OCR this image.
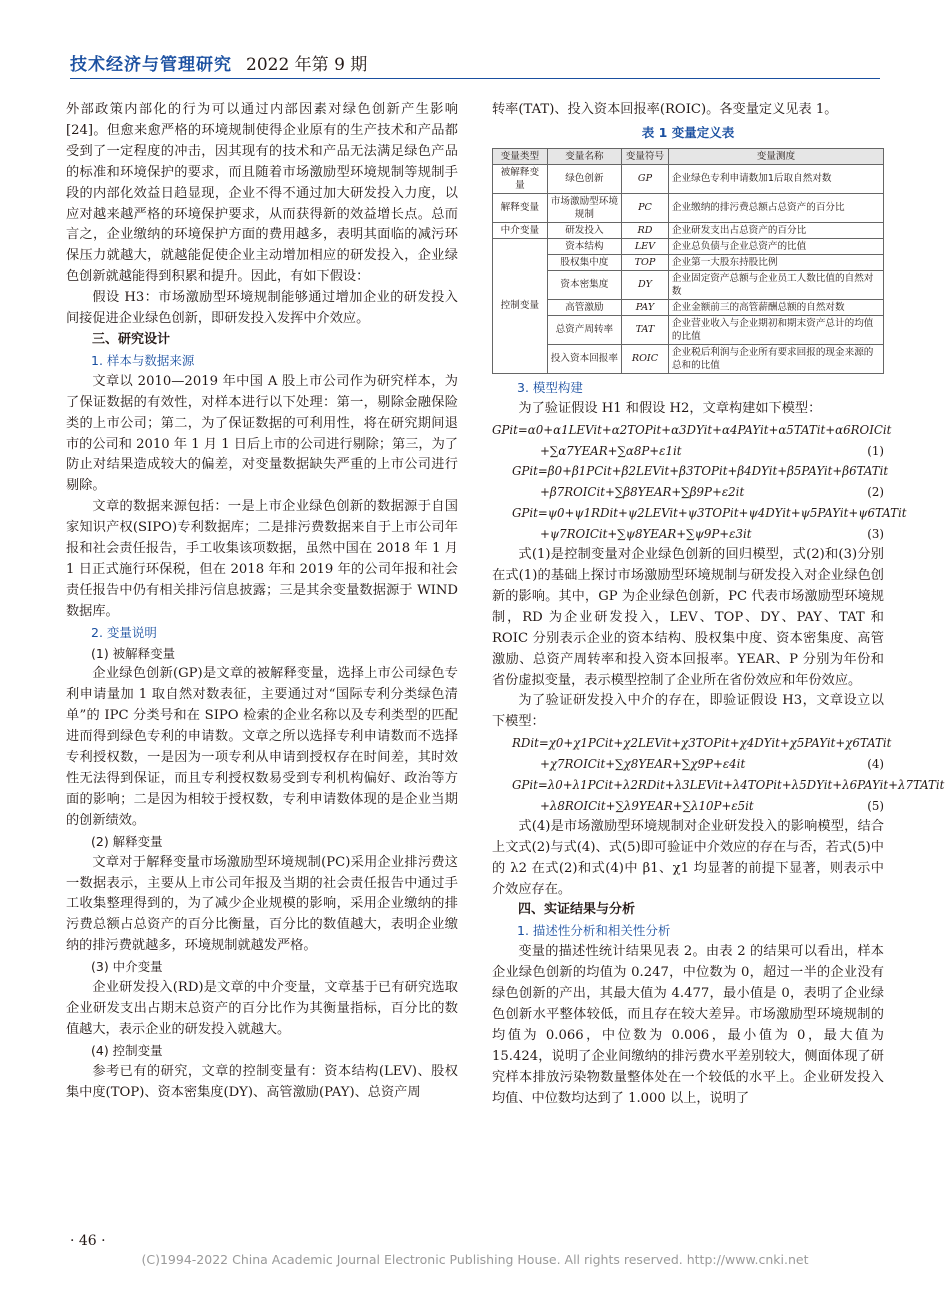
技术经济与管理研究 2022 年第 9 期

外部政策内部化的行为可以通过内部因素对绿色创新产生影响[24]。但愈来愈严格的环境规制使得企业原有的生产技术和产品都受到了一定程度的冲击，因其现有的技术和产品无法满足绿色产品的标准和环境保护的要求，而且随着市场激励型环境规制等规制手段的内部化效益日趋显现，企业不得不通过加大研发投入力度，以应对越来越严格的环境保护要求，从而获得新的效益增长点。总而言之，企业缴纳的环境保护方面的费用越多，表明其面临的减污环保压力就越大，就越能促使企业主动增加相应的研发投入，企业绿色创新就越能得到积累和提升。因此，有如下假设：

假设 H3：市场激励型环境规制能够通过增加企业的研发投入间接促进企业绿色创新，即研发投入发挥中介效应。

三、研究设计

1. 样本与数据来源

文章以 2010—2019 年中国 A 股上市公司作为研究样本，为了保证数据的有效性，对样本进行以下处理：第一，剔除金融保险类的上市公司；第二，为了保证数据的可利用性，将在研究期间退市的公司和 2010 年 1 月 1 日后上市的公司进行剔除；第三，为了防止对结果造成较大的偏差，对变量数据缺失严重的上市公司进行剔除。

文章的数据来源包括：一是上市企业绿色创新的数据源于自国家知识产权(SIPO)专利数据库；二是排污费数据来自于上市公司年报和社会责任报告，手工收集该项数据，虽然中国在 2018 年 1 月 1 日正式施行环保税，但在 2018 年和 2019 年的公司年报和社会责任报告中仍有相关排污信息披露；三是其余变量数据源于 WIND 数据库。

2. 变量说明

(1) 被解释变量

企业绿色创新(GP)是文章的被解释变量，选择上市公司绿色专利申请量加 1 取自然对数表征，主要通过对“国际专利分类绿色清单”的 IPC 分类号和在 SIPO 检索的企业名称以及专利类型的匹配进而得到绿色专利的申请数。文章之所以选择专利申请数而不选择专利授权数，一是因为一项专利从申请到授权存在时间差，其时效性无法得到保证，而且专利授权数易受到专利机构偏好、政治等方面的影响；二是因为相较于授权数，专利申请数体现的是企业当期的创新绩效。

(2) 解释变量

文章对于解释变量市场激励型环境规制(PC)采用企业排污费这一数据表示，主要从上市公司年报及当期的社会责任报告中通过手工收集整理得到的，为了减少企业规模的影响，采用企业缴纳的排污费总额占总资产的百分比衡量，百分比的数值越大，表明企业缴纳的排污费就越多，环境规制就越发严格。

(3) 中介变量

企业研发投入(RD)是文章的中介变量，文章基于已有研究选取企业研发支出占期末总资产的百分比作为其衡量指标，百分比的数值越大，表示企业的研发投入就越大。

(4) 控制变量

参考已有的研究，文章的控制变量有：资本结构(LEV)、股权集中度(TOP)、资本密集度(DY)、高管激励(PAY)、总资产周

转率(TAT)、投入资本回报率(ROIC)。各变量定义见表 1。

表 1 变量定义表
变量类型	变量名称	变量符号	变量测度
被解释变量	绿色创新	GP	企业绿色专利申请数加1后取自然对数
解释变量	市场激励型环境规制	PC	企业缴纳的排污费总额占总资产的百分比
中介变量	研发投入	RD	企业研发支出占总资产的百分比
控制变量	资本结构	LEV	企业总负债与企业总资产的比值
	股权集中度	TOP	企业第一大股东持股比例
	资本密集度	DY	企业固定资产总额与企业员工人数比值的自然对数
	高管激励	PAY	企业金额前三的高管薪酬总额的自然对数
	总资产周转率	TAT	企业营业收入与企业期初和期末资产总计的均值的比值
	投入资本回报率	ROIC	企业税后利润与企业所有要求回报的现金来源的总和的比值

3. 模型构建

为了验证假设 H1 和假设 H2，文章构建如下模型：

GPit=α0+α1LEVit+α2TOPit+α3DYit+α4PAYit+α5TATit+α6ROICit
+∑α7YEAR+∑α8P+ε1it	(1)
GPit=β0+β1PCit+β2LEVit+β3TOPit+β4DYit+β5PAYit+β6TATit
+β7ROICit+∑β8YEAR+∑β9P+ε2it	(2)
GPit=ψ0+ψ1RDit+ψ2LEVit+ψ3TOPit+ψ4DYit+ψ5PAYit+ψ6TATit
+ψ7ROICit+∑ψ8YEAR+∑ψ9P+ε3it	(3)

式(1)是控制变量对企业绿色创新的回归模型，式(2)和(3)分别在式(1)的基础上探讨市场激励型环境规制与研发投入对企业绿色创新的影响。其中，GP 为企业绿色创新，PC 代表市场激励型环境规制，RD 为企业研发投入，LEV、TOP、DY、PAY、TAT 和 ROIC 分别表示企业的资本结构、股权集中度、资本密集度、高管激励、总资产周转率和投入资本回报率。YEAR、P 分别为年份和省份虚拟变量，表示模型控制了企业所在省份效应和年份效应。

为了验证研发投入中介的存在，即验证假设 H3，文章设立以下模型：

RDit=χ0+χ1PCit+χ2LEVit+χ3TOPit+χ4DYit+χ5PAYit+χ6TATit
+χ7ROICit+∑χ8YEAR+∑χ9P+ε4it	(4)
GPit=λ0+λ1PCit+λ2RDit+λ3LEVit+λ4TOPit+λ5DYit+λ6PAYit+λ7TATit
+λ8ROICit+∑λ9YEAR+∑λ10P+ε5it	(5)

式(4)是市场激励型环境规制对企业研发投入的影响模型，结合上文式(2)与式(4)、式(5)即可验证中介效应的存在与否，若式(5)中的 λ2 在式(2)和式(4)中 β1、χ1 均显著的前提下显著，则表示中介效应存在。

四、实证结果与分析

1. 描述性分析和相关性分析

变量的描述性统计结果见表 2。由表 2 的结果可以看出，样本企业绿色创新的均值为 0.247，中位数为 0，超过一半的企业没有绿色创新的产出，其最大值为 4.477，最小值是 0，表明了企业绿色创新水平整体较低，而且存在较大差异。市场激励型环境规制的均值为 0.066，中位数为 0.006，最小值为 0，最大值为 15.424，说明了企业间缴纳的排污费水平差别较大，侧面体现了研究样本排放污染物数量整体处在一个较低的水平上。企业研发投入均值、中位数均达到了 1.000 以上，说明了

· 46 ·
(C)1994-2022 China Academic Journal Electronic Publishing House. All rights reserved. http://www.cnki.net
